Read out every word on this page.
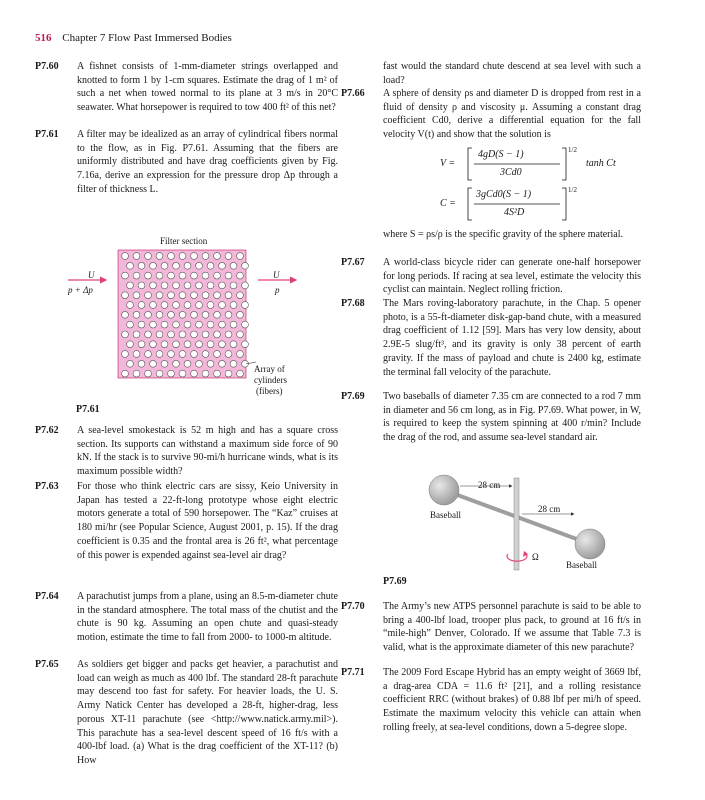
516 Chapter 7 Flow Past Immersed Bodies
P7.60 A fishnet consists of 1-mm-diameter strings overlapped and knotted to form 1 by 1-cm squares. Estimate the drag of 1 m² of such a net when towed normal to its plane at 3 m/s in 20°C seawater. What horsepower is required to tow 400 ft² of this net?
P7.61 A filter may be idealized as an array of cylindrical fibers normal to the flow, as in Fig. P7.61. Assuming that the fibers are uniformly distributed and have drag coefficients given by Fig. 7.16a, derive an expression for the pressure drop Δp through a filter of thickness L.
Filter section
U
p + Δp
U
p
Array of
cylinders
(fibers)
P7.61
P7.62 A sea-level smokestack is 52 m high and has a square cross section. Its supports can withstand a maximum side force of 90 kN. If the stack is to survive 90-mi/h hurricane winds, what is its maximum possible width?
P7.63 For those who think electric cars are sissy, Keio University in Japan has tested a 22-ft-long prototype whose eight electric motors generate a total of 590 horsepower. The “Kaz” cruises at 180 mi/hr (see Popular Science, August 2001, p. 15). If the drag coefficient is 0.35 and the frontal area is 26 ft², what percentage of this power is expended against sea-level air drag?
P7.64 A parachutist jumps from a plane, using an 8.5-m-diameter chute in the standard atmosphere. The total mass of the chutist and the chute is 90 kg. Assuming an open chute and quasi-steady motion, estimate the time to fall from 2000- to 1000-m altitude.
P7.65 As soldiers get bigger and packs get heavier, a parachutist and load can weigh as much as 400 lbf. The standard 28-ft parachute may descend too fast for safety. For heavier loads, the U. S. Army Natick Center has developed a 28-ft, higher-drag, less porous XT-11 parachute (see <http://www.natick.army.mil>). This parachute has a sea-level descent speed of 16 ft/s with a 400-lbf load. (a) What is the drag coefficient of the XT-11? (b) How
fast would the standard chute descend at sea level with such a load?
P7.66 A sphere of density ρs and diameter D is dropped from rest in a fluid of density ρ and viscosity μ. Assuming a constant drag coefficient Cd0, derive a differential equation for the fall velocity V(t) and show that the solution is
V =
4gD(S − 1)
3Cd0
1/2
tanh Ct
C =
3gCd0(S − 1)
4S²D
1/2
where S = ρs/ρ is the specific gravity of the sphere material.
P7.67 A world-class bicycle rider can generate one-half horsepower for long periods. If racing at sea level, estimate the velocity this cyclist can maintain. Neglect rolling friction.
P7.68 The Mars roving-laboratory parachute, in the Chap. 5 opener photo, is a 55-ft-diameter disk-gap-band chute, with a measured drag coefficient of 1.12 [59]. Mars has very low density, about 2.9E-5 slug/ft³, and its gravity is only 38 percent of earth gravity. If the mass of payload and chute is 2400 kg, estimate the terminal fall velocity of the parachute.
P7.69 Two baseballs of diameter 7.35 cm are connected to a rod 7 mm in diameter and 56 cm long, as in Fig. P7.69. What power, in W, is required to keep the system spinning at 400 r/min? Include the drag of the rod, and assume sea-level standard air.
28 cm
28 cm
Baseball
Baseball
Ω
P7.69
P7.70 The Army’s new ATPS personnel parachute is said to be able to bring a 400-lbf load, trooper plus pack, to ground at 16 ft/s in “mile-high” Denver, Colorado. If we assume that Table 7.3 is valid, what is the approximate diameter of this new parachute?
P7.71 The 2009 Ford Escape Hybrid has an empty weight of 3669 lbf, a drag-area CDA = 11.6 ft² [21], and a rolling resistance coefficient RRC (without brakes) of 0.88 lbf per mi/h of speed. Estimate the maximum velocity this vehicle can attain when rolling freely, at sea-level conditions, down a 5-degree slope.
